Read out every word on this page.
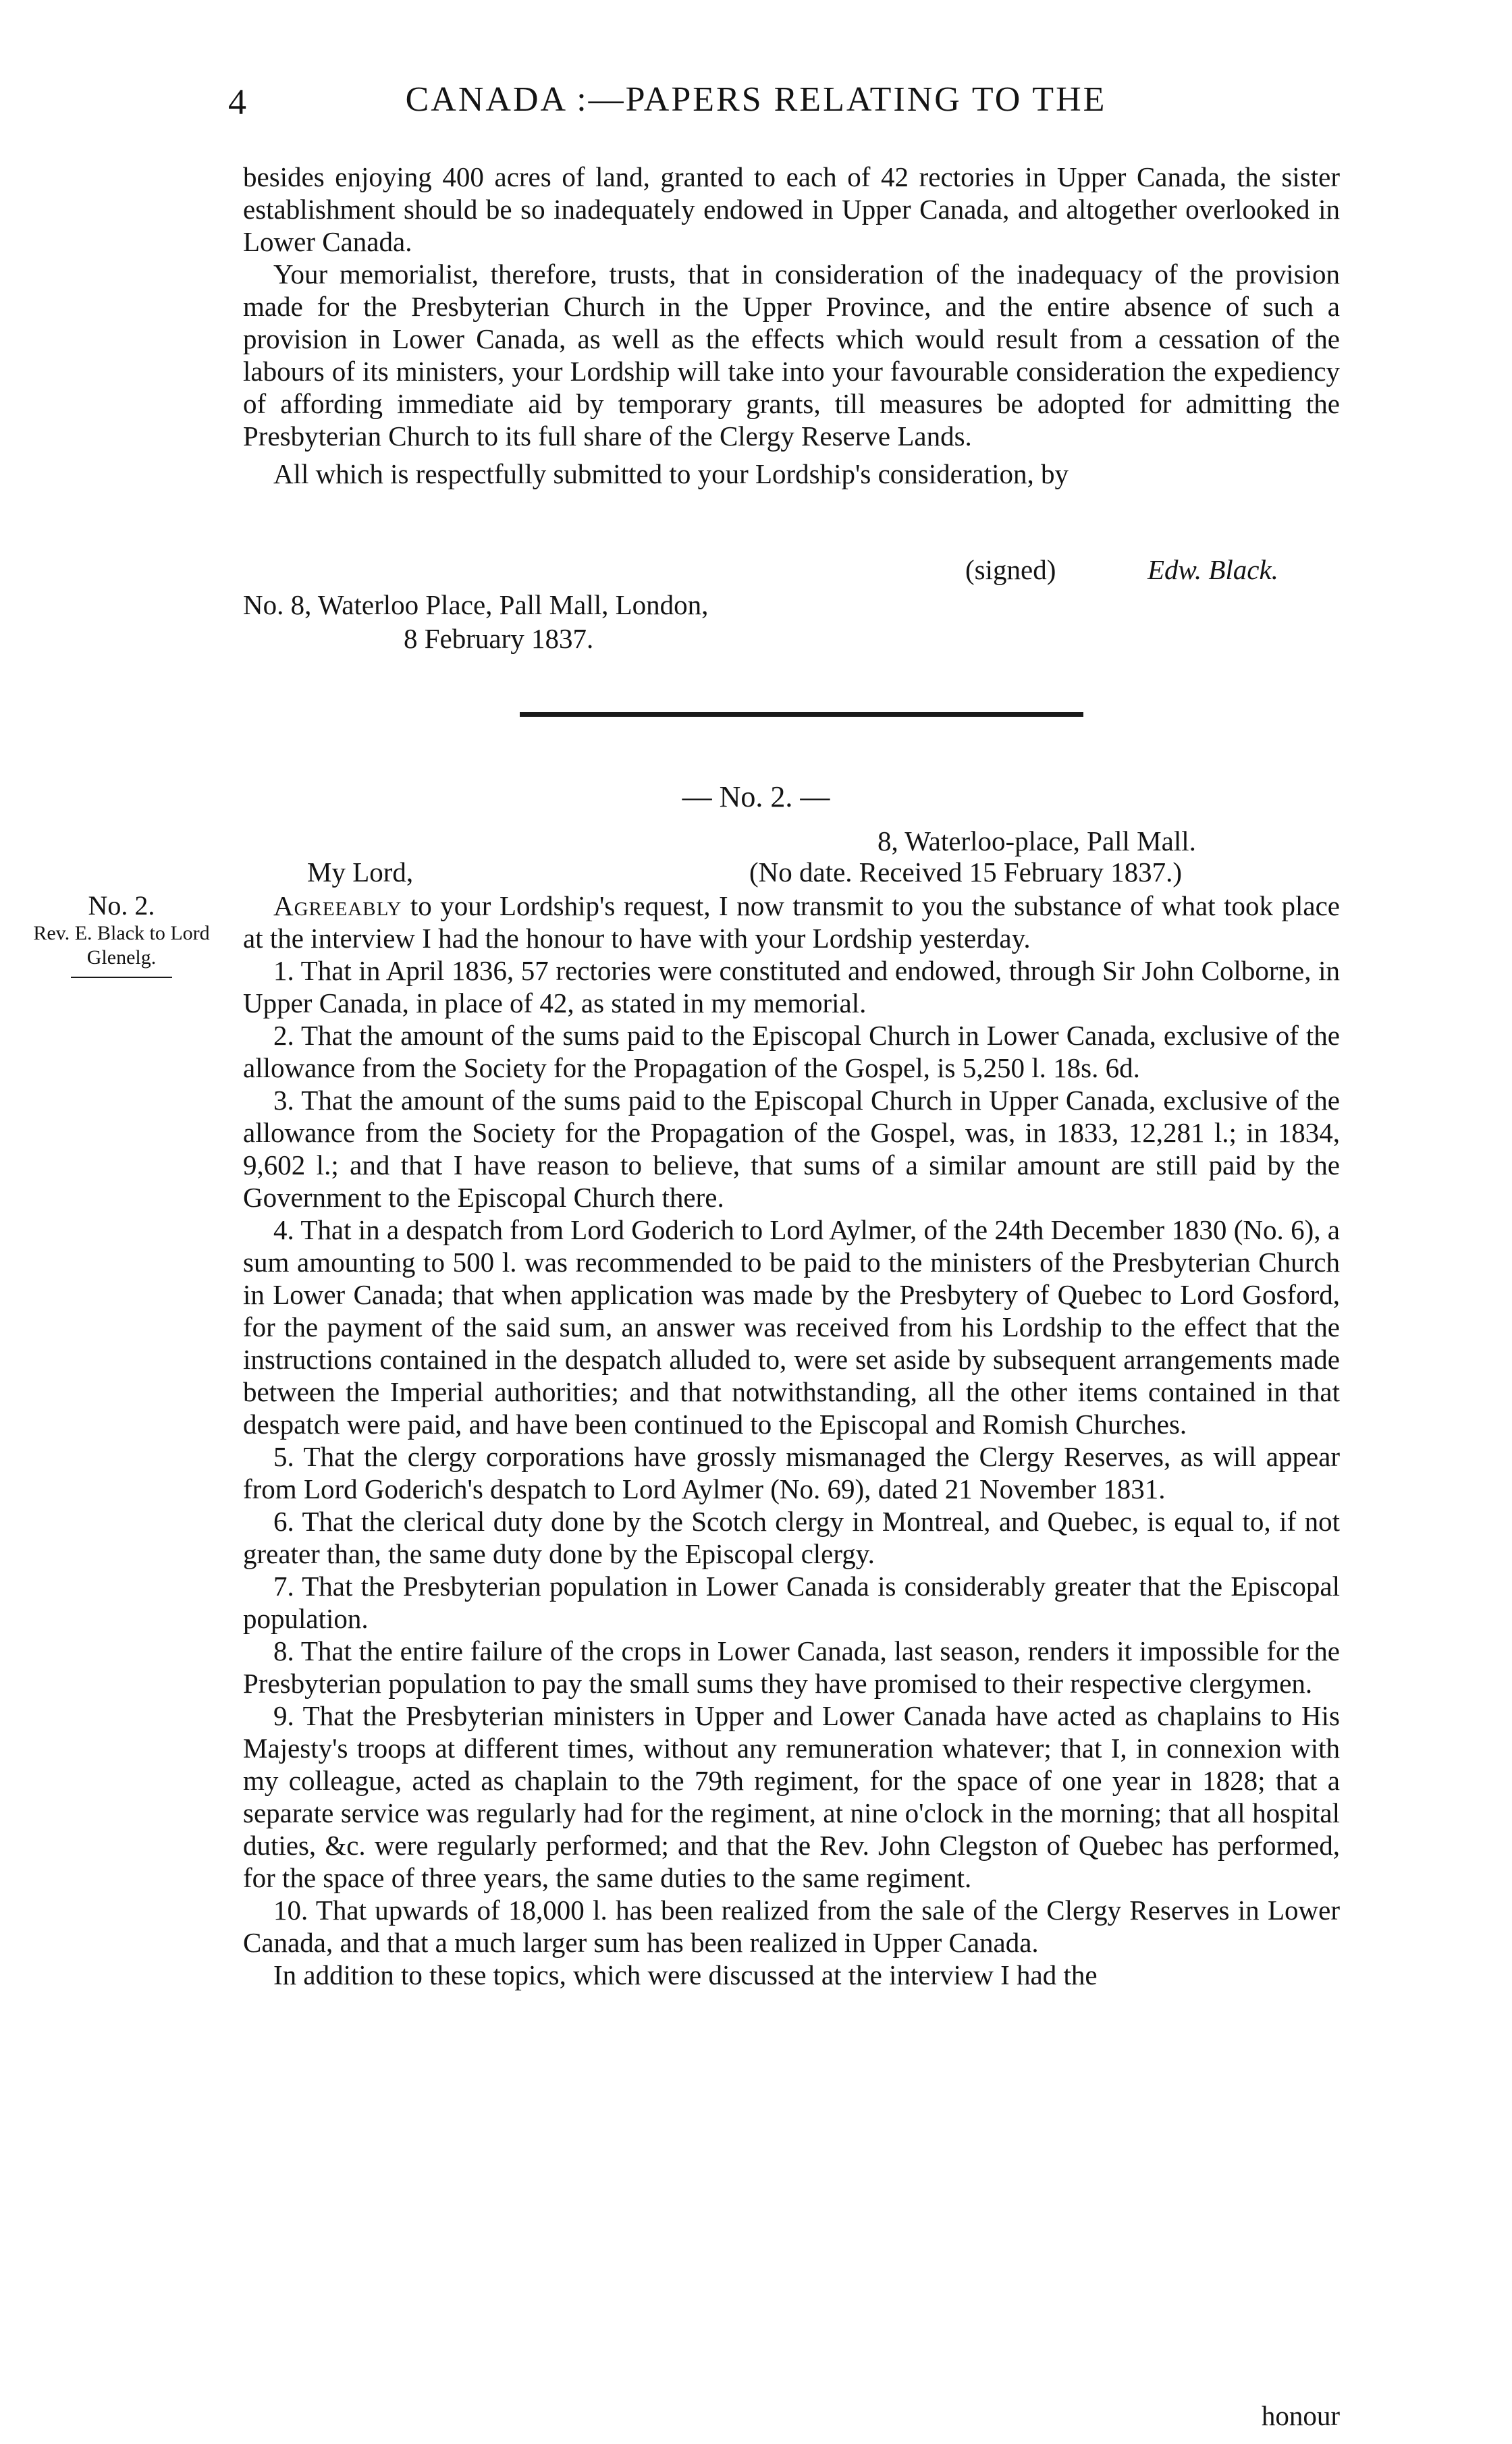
4	CANADA :—PAPERS RELATING TO THE

besides enjoying 400 acres of land, granted to each of 42 rectories in Upper Canada, the sister establishment should be so inadequately endowed in Upper Canada, and altogether overlooked in Lower Canada.

Your memorialist, therefore, trusts, that in consideration of the inadequacy of the provision made for the Presbyterian Church in the Upper Province, and the entire absence of such a provision in Lower Canada, as well as the effects which would result from a cessation of the labours of its ministers, your Lordship will take into your favourable consideration the expediency of affording immediate aid by temporary grants, till measures be adopted for admitting the Presbyterian Church to its full share of the Clergy Reserve Lands.

All which is respectfully submitted to your Lordship's consideration, by

(signed)	Edw. Black.
No. 8, Waterloo Place, Pall Mall, London,
8 February 1837.
— No. 2. —
No. 2.
Rev. E. Black to Lord Glenelg.
8, Waterloo-place, Pall Mall.
My Lord,	(No date. Received 15 February 1837.)

Agreeably to your Lordship's request, I now transmit to you the substance of what took place at the interview I had the honour to have with your Lordship yesterday.

1. That in April 1836, 57 rectories were constituted and endowed, through Sir John Colborne, in Upper Canada, in place of 42, as stated in my memorial.

2. That the amount of the sums paid to the Episcopal Church in Lower Canada, exclusive of the allowance from the Society for the Propagation of the Gospel, is 5,250 l. 18s. 6d.

3. That the amount of the sums paid to the Episcopal Church in Upper Canada, exclusive of the allowance from the Society for the Propagation of the Gospel, was, in 1833, 12,281 l.; in 1834, 9,602 l.; and that I have reason to believe, that sums of a similar amount are still paid by the Government to the Episcopal Church there.

4. That in a despatch from Lord Goderich to Lord Aylmer, of the 24th December 1830 (No. 6), a sum amounting to 500 l. was recommended to be paid to the ministers of the Presbyterian Church in Lower Canada; that when application was made by the Presbytery of Quebec to Lord Gosford, for the payment of the said sum, an answer was received from his Lordship to the effect that the instructions contained in the despatch alluded to, were set aside by subsequent arrangements made between the Imperial authorities; and that notwithstanding, all the other items contained in that despatch were paid, and have been continued to the Episcopal and Romish Churches.

5. That the clergy corporations have grossly mismanaged the Clergy Reserves, as will appear from Lord Goderich's despatch to Lord Aylmer (No. 69), dated 21 November 1831.

6. That the clerical duty done by the Scotch clergy in Montreal, and Quebec, is equal to, if not greater than, the same duty done by the Episcopal clergy.

7. That the Presbyterian population in Lower Canada is considerably greater that the Episcopal population.

8. That the entire failure of the crops in Lower Canada, last season, renders it impossible for the Presbyterian population to pay the small sums they have promised to their respective clergymen.

9. That the Presbyterian ministers in Upper and Lower Canada have acted as chaplains to His Majesty's troops at different times, without any remuneration whatever; that I, in connexion with my colleague, acted as chaplain to the 79th regiment, for the space of one year in 1828; that a separate service was regularly had for the regiment, at nine o'clock in the morning; that all hospital duties, &c. were regularly performed; and that the Rev. John Clegston of Quebec has performed, for the space of three years, the same duties to the same regiment.

10. That upwards of 18,000 l. has been realized from the sale of the Clergy Reserves in Lower Canada, and that a much larger sum has been realized in Upper Canada.

In addition to these topics, which were discussed at the interview I had the

honour
